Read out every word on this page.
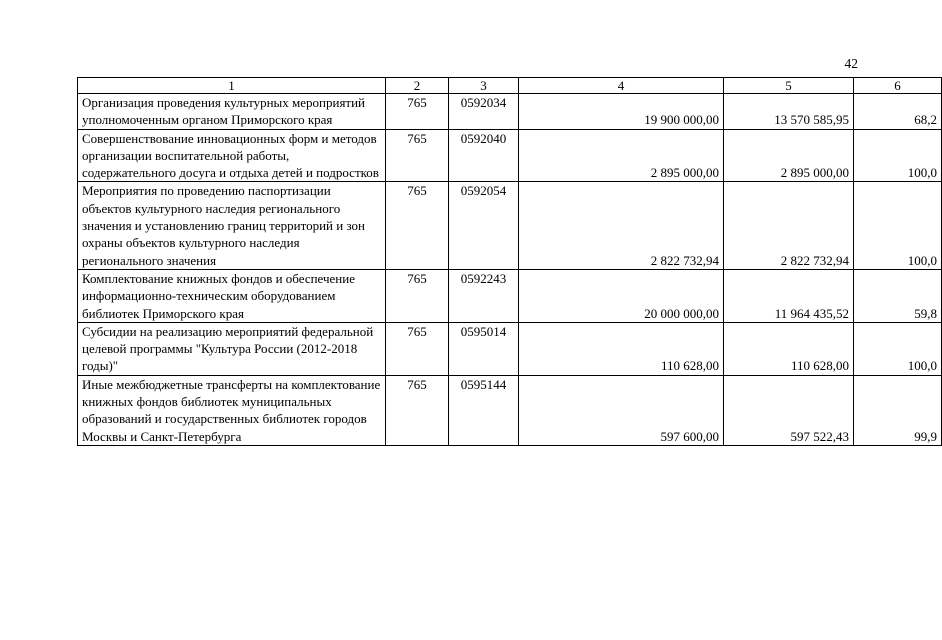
42
1	2	3	4	5	6
Организация проведения культурных мероприятий уполномоченным органом Приморского края	765	0592034	19 900 000,00	13 570 585,95	68,2
Совершенствование инновационных форм и методов организации воспитательной работы, содержательного досуга и отдыха детей и подростков	765	0592040	2 895 000,00	2 895 000,00	100,0
Мероприятия по проведению паспортизации объектов культурного наследия регионального значения и установлению границ территорий и зон охраны объектов культурного наследия регионального значения	765	0592054	2 822 732,94	2 822 732,94	100,0
Комплектование книжных фондов и обеспечение информационно-техническим оборудованием библиотек Приморского края	765	0592243	20 000 000,00	11 964 435,52	59,8
Субсидии на реализацию мероприятий федеральной целевой программы "Культура России (2012-2018 годы)"	765	0595014	110 628,00	110 628,00	100,0
Иные межбюджетные трансферты на комплектование книжных фондов библиотек муниципальных образований и государственных библиотек городов Москвы и Санкт-Петербурга	765	0595144	597 600,00	597 522,43	99,9
